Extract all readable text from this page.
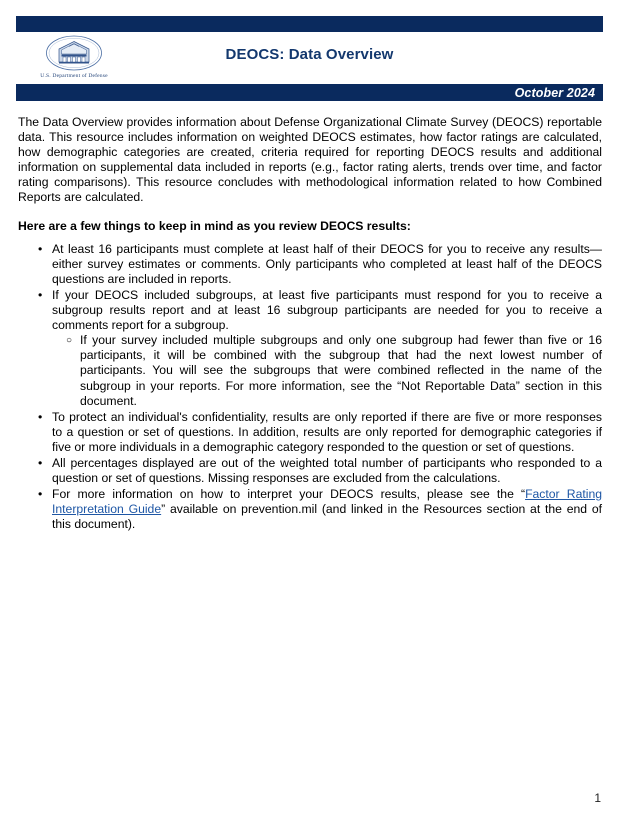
U.S. Department of Defense
DEOCS: Data Overview
October 2024

The Data Overview provides information about Defense Organizational Climate Survey (DEOCS) reportable data. This resource includes information on weighted DEOCS estimates, how factor ratings are calculated, how demographic categories are created, criteria required for reporting DEOCS results and additional information on supplemental data included in reports (e.g., factor rating alerts, trends over time, and factor rating comparisons). This resource concludes with methodological information related to how Combined Reports are calculated.

Here are a few things to keep in mind as you review DEOCS results:
• At least 16 participants must complete at least half of their DEOCS for you to receive any results—either survey estimates or comments. Only participants who completed at least half of the DEOCS questions are included in reports.
• If your DEOCS included subgroups, at least five participants must respond for you to receive a subgroup results report and at least 16 subgroup participants are needed for you to receive a comments report for a subgroup.
○ If your survey included multiple subgroups and only one subgroup had fewer than five or 16 participants, it will be combined with the subgroup that had the next lowest number of participants. You will see the subgroups that were combined reflected in the name of the subgroup in your reports. For more information, see the “Not Reportable Data” section in this document.
• To protect an individual's confidentiality, results are only reported if there are five or more responses to a question or set of questions. In addition, results are only reported for demographic categories if five or more individuals in a demographic category responded to the question or set of questions.
• All percentages displayed are out of the weighted total number of participants who responded to a question or set of questions. Missing responses are excluded from the calculations.
• For more information on how to interpret your DEOCS results, please see the “Factor Rating Interpretation Guide” available on prevention.mil (and linked in the Resources section at the end of this document).
1
